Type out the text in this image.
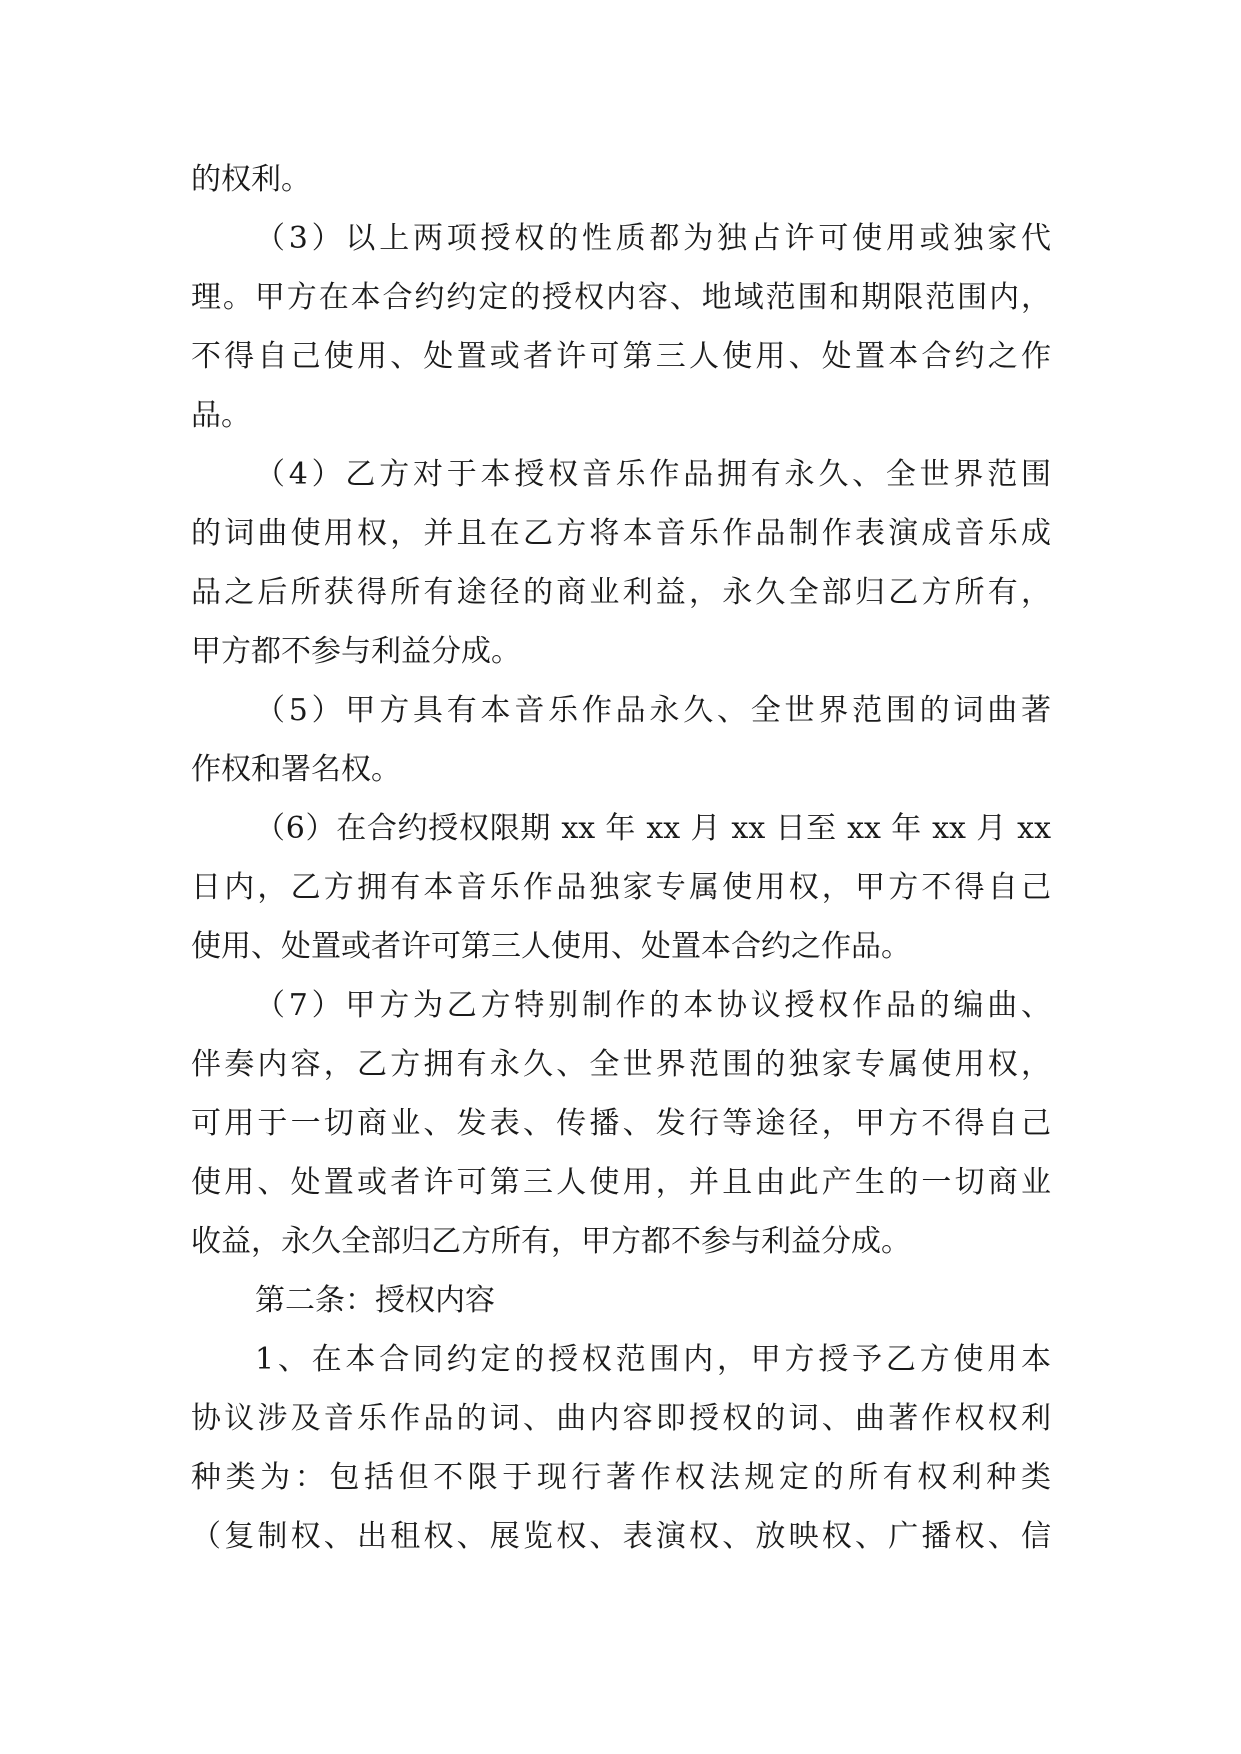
的权利。
（3）以上两项授权的性质都为独占许可使用或独家代
理。甲方在本合约约定的授权内容、地域范围和期限范围内，
不得自己使用、处置或者许可第三人使用、处置本合约之作
品。
（4）乙方对于本授权音乐作品拥有永久、全世界范围
的词曲使用权，并且在乙方将本音乐作品制作表演成音乐成
品之后所获得所有途径的商业利益，永久全部归乙方所有，
甲方都不参与利益分成。
（5）甲方具有本音乐作品永久、全世界范围的词曲著
作权和署名权。
（6）在合约授权限期 xx 年 xx 月 xx 日至 xx 年 xx 月 xx
日内，乙方拥有本音乐作品独家专属使用权，甲方不得自己
使用、处置或者许可第三人使用、处置本合约之作品。
（7）甲方为乙方特别制作的本协议授权作品的编曲、
伴奏内容，乙方拥有永久、全世界范围的独家专属使用权，
可用于一切商业、发表、传播、发行等途径，甲方不得自己
使用、处置或者许可第三人使用，并且由此产生的一切商业
收益，永久全部归乙方所有，甲方都不参与利益分成。
第二条：授权内容
1、在本合同约定的授权范围内，甲方授予乙方使用本
协议涉及音乐作品的词、曲内容即授权的词、曲著作权权利
种类为：包括但不限于现行著作权法规定的所有权利种类
（复制权、出租权、展览权、表演权、放映权、广播权、信
